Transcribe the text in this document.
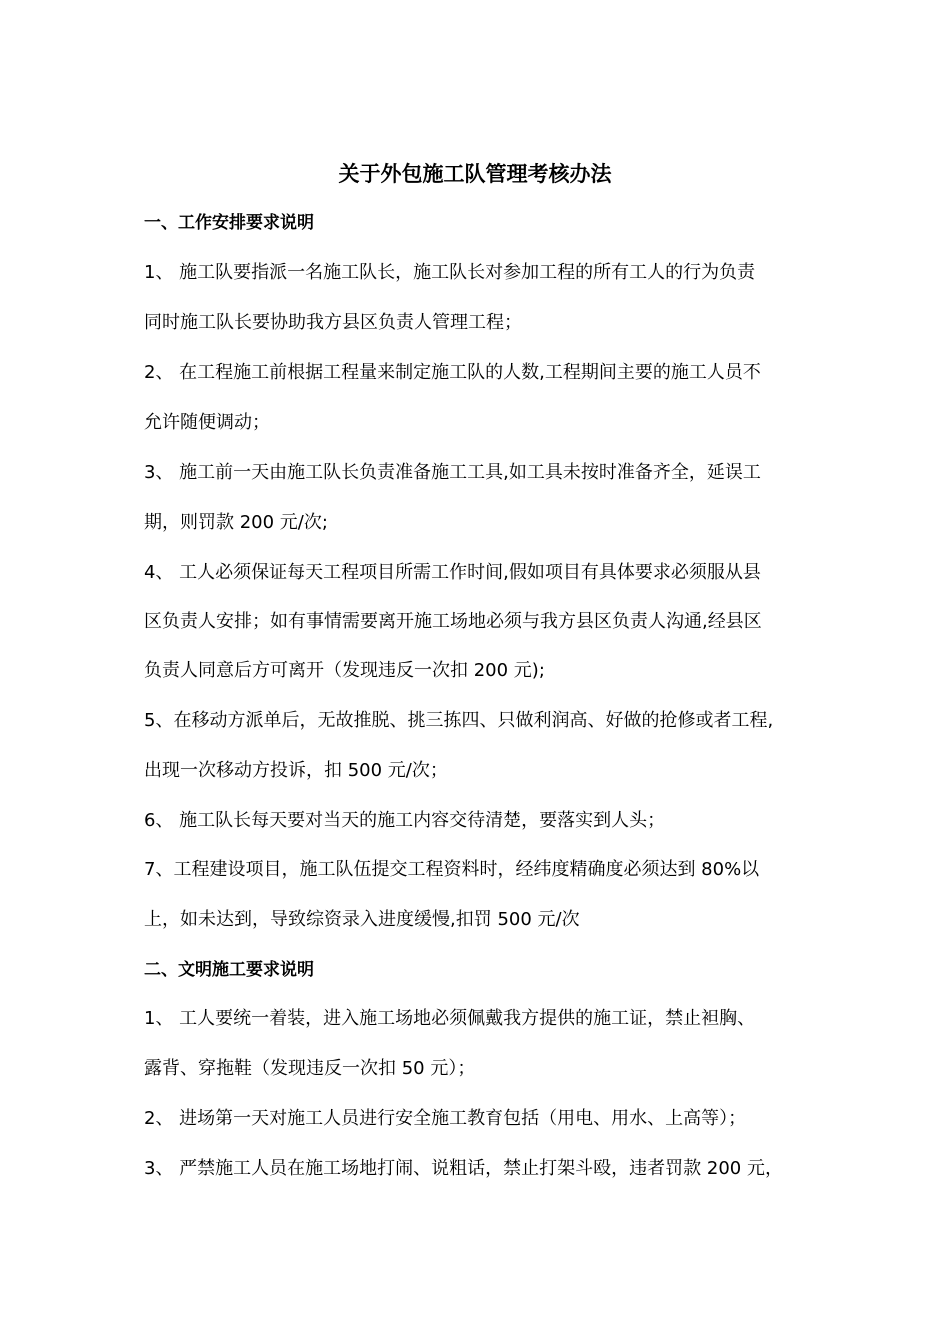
关于外包施工队管理考核办法
一、工作安排要求说明
1、 施工队要指派一名施工队长，施工队长对参加工程的所有工人的行为负责
同时施工队长要协助我方县区负责人管理工程；
2、 在工程施工前根据工程量来制定施工队的人数,工程期间主要的施工人员不
允许随便调动；
3、 施工前一天由施工队长负责准备施工工具,如工具未按时准备齐全，延误工
期，则罚款 200 元/次;
4、 工人必须保证每天工程项目所需工作时间,假如项目有具体要求必须服从县
区负责人安排；如有事情需要离开施工场地必须与我方县区负责人沟通,经县区
负责人同意后方可离开（发现违反一次扣 200 元);
5、在移动方派单后，无故推脱、挑三拣四、只做利润高、好做的抢修或者工程,
出现一次移动方投诉，扣 500 元/次；
6、 施工队长每天要对当天的施工内容交待清楚，要落实到人头；
7、工程建设项目，施工队伍提交工程资料时，经纬度精确度必须达到 80%以
上，如未达到，导致综资录入进度缓慢,扣罚 500 元/次
二、文明施工要求说明
1、 工人要统一着装，进入施工场地必须佩戴我方提供的施工证，禁止袒胸、
露背、穿拖鞋（发现违反一次扣 50 元）；
2、 进场第一天对施工人员进行安全施工教育包括（用电、用水、上高等）；
3、 严禁施工人员在施工场地打闹、说粗话，禁止打架斗殴，违者罚款 200 元，
